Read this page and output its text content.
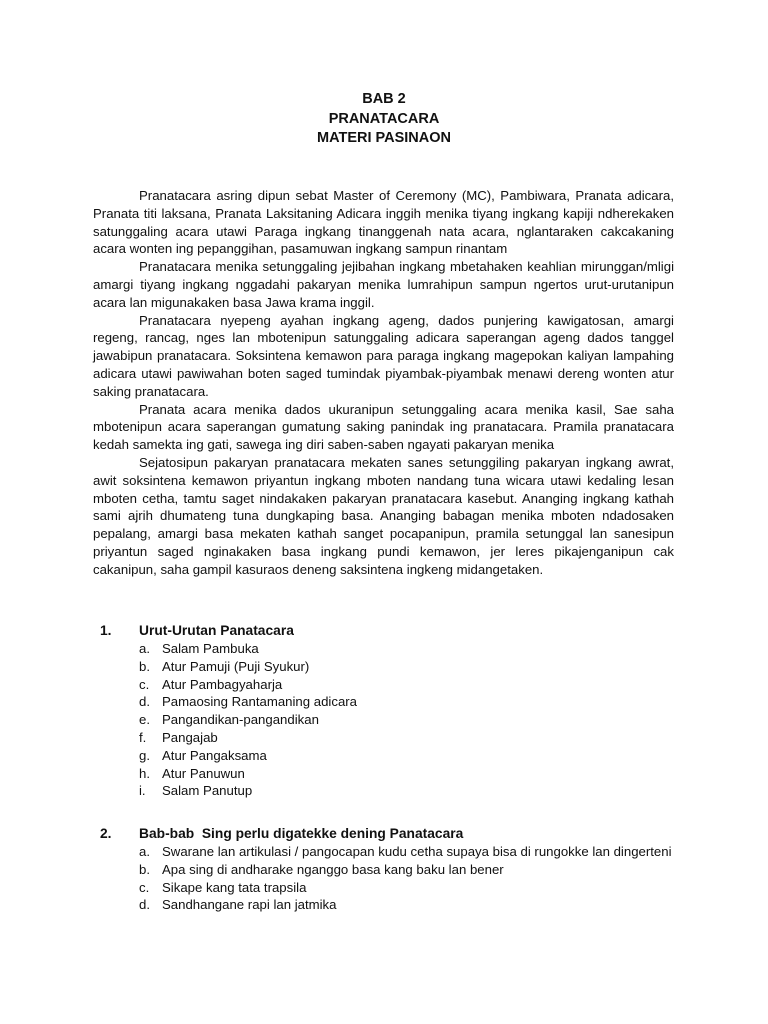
BAB 2
PRANATACARA
MATERI PASINAON

Pranatacara asring dipun sebat Master of Ceremony (MC), Pambiwara, Pranata adicara, Pranata titi laksana, Pranata Laksitaning Adicara inggih menika tiyang ingkang kapiji ndherekaken satunggaling acara utawi Paraga ingkang tinanggenah nata acara, nglantaraken cakcakaning acara wonten ing pepanggihan, pasamuwan ingkang sampun rinantam

Pranatacara menika setunggaling jejibahan ingkang mbetahaken keahlian mirunggan/mligi amargi tiyang ingkang nggadahi pakaryan menika lumrahipun sampun ngertos urut-urutanipun acara lan migunakaken basa Jawa krama inggil.

Pranatacara nyepeng ayahan ingkang ageng, dados punjering kawigatosan, amargi regeng, rancag, nges lan mbotenipun satunggaling adicara saperangan ageng dados tanggel jawabipun pranatacara. Soksintena kemawon para paraga ingkang magepokan kaliyan lampahing adicara utawi pawiwahan boten saged tumindak piyambak-piyambak menawi dereng wonten atur saking pranatacara.

Pranata acara menika dados ukuranipun setunggaling acara menika kasil, Sae saha mbotenipun acara saperangan gumatung saking panindak ing pranatacara. Pramila pranatacara kedah samekta ing gati, sawega ing diri saben-saben ngayati pakaryan menika

Sejatosipun pakaryan pranatacara mekaten sanes setunggiling pakaryan ingkang awrat, awit soksintena kemawon priyantun ingkang mboten nandang tuna wicara utawi kedaling lesan mboten cetha, tamtu saget nindakaken pakaryan pranatacara kasebut. Ananging ingkang kathah sami ajrih dhumateng tuna dungkaping basa. Ananging babagan menika mboten ndadosaken pepalang, amargi basa mekaten kathah sanget pocapanipun, pramila setunggal lan sanesipun priyantun saged nginakaken basa ingkang pundi kemawon, jer leres pikajenganipun cak cakanipun, saha gampil kasuraos deneng saksintena ingkeng midangetaken.

1. Urut-Urutan Panatacara
a. Salam Pambuka
b. Atur Pamuji (Puji Syukur)
c. Atur Pambagyaharja
d. Pamaosing Rantamaning adicara
e. Pangandikan-pangandikan
f. Pangajab
g. Atur Pangaksama
h. Atur Panuwun
i. Salam Panutup
2. Bab-bab  Sing perlu digatekke dening Panatacara
a. Swarane lan artikulasi / pangocapan kudu cetha supaya bisa di rungokke lan dingerteni
b. Apa sing di andharake nganggo basa kang baku lan bener
c. Sikape kang tata trapsila
d. Sandhangane rapi lan jatmika
